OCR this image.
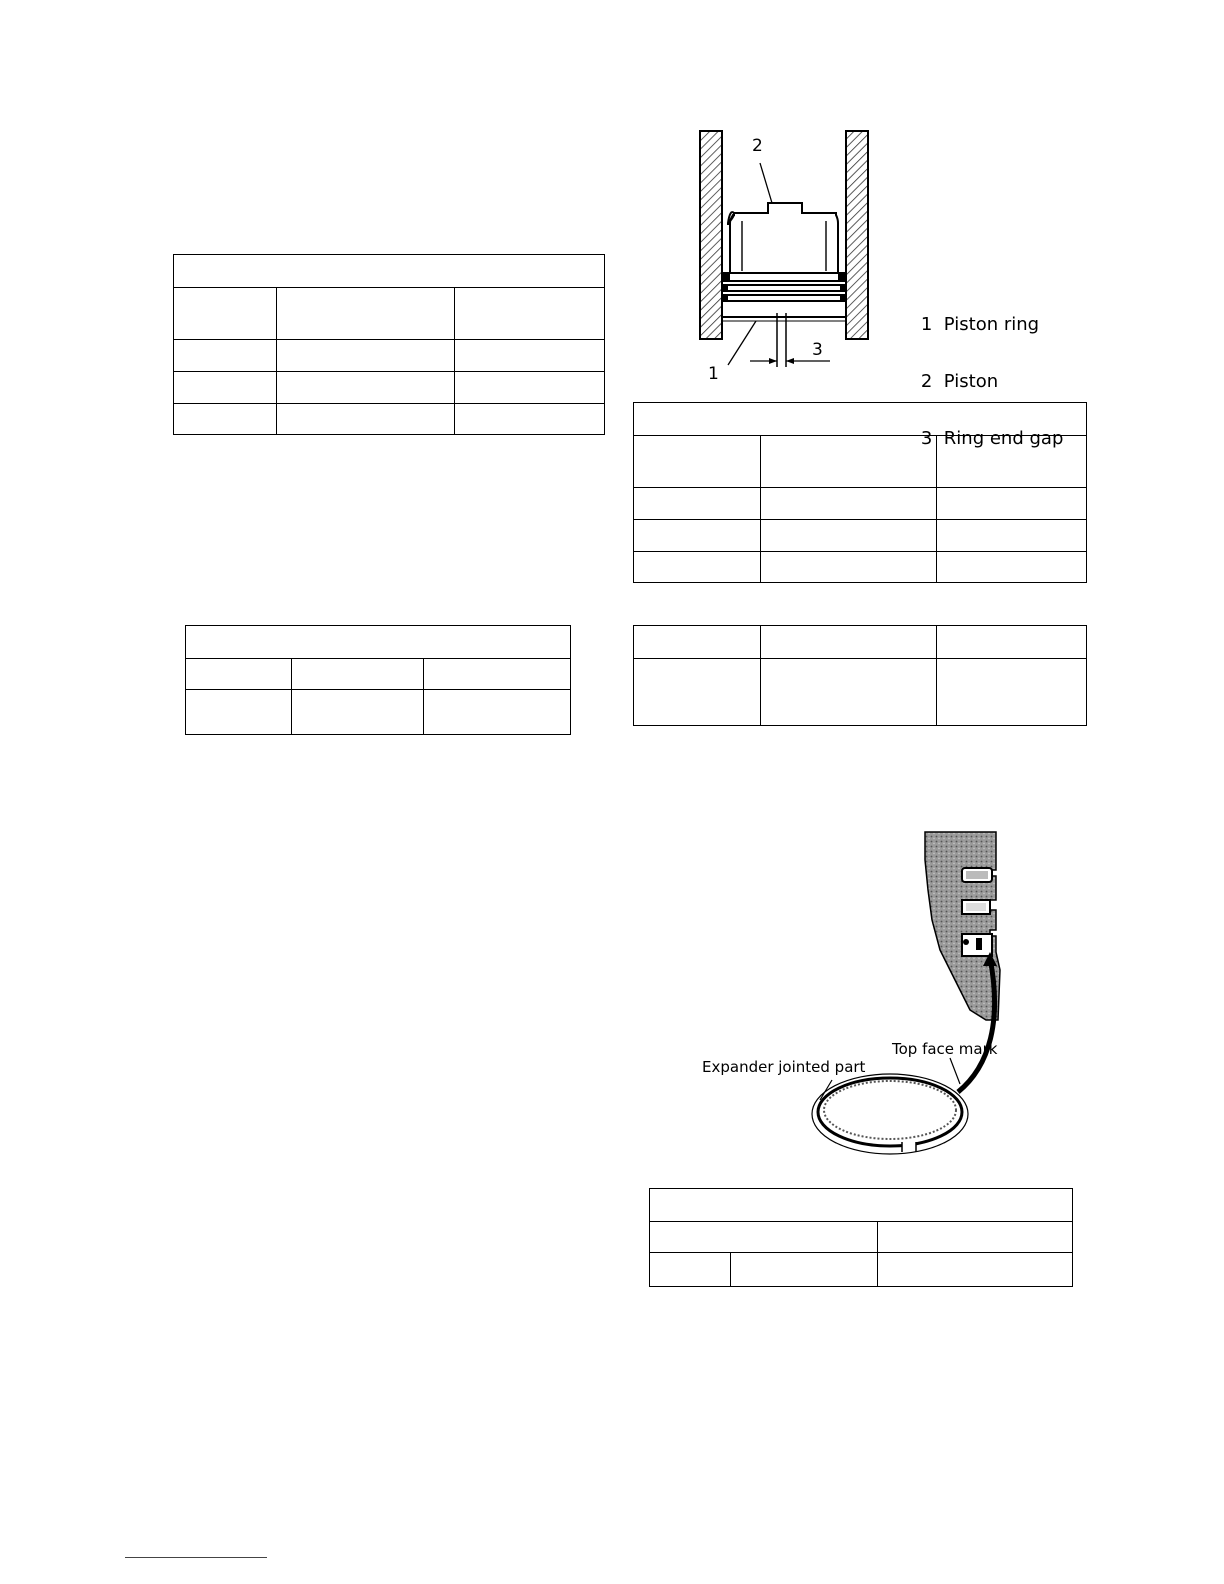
2
1
3

1 Piston ring

2 Piston

3 Ring end gap

Expander jointed part
Top face mark
